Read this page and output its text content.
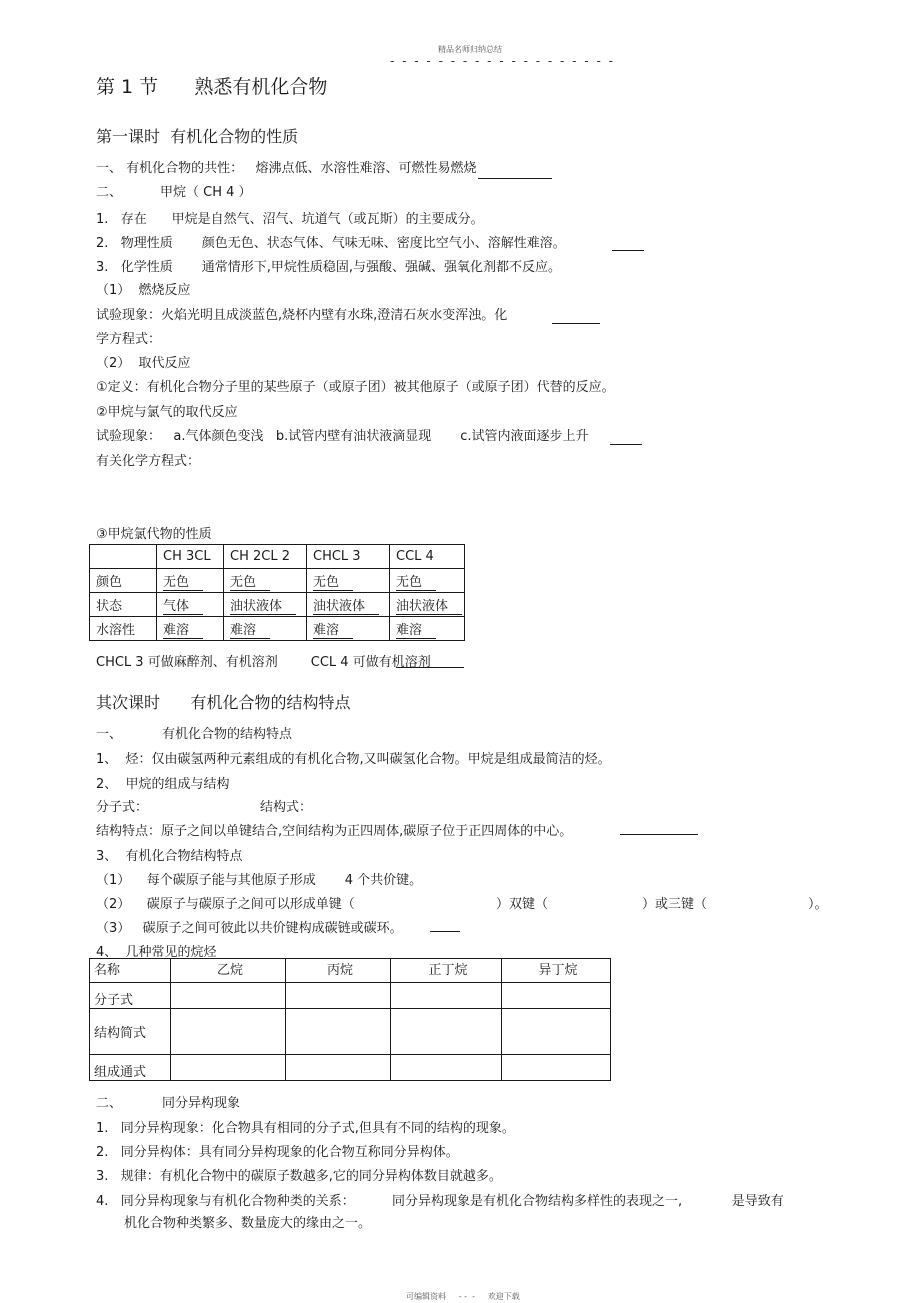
精品名师归纳总结
- - - - - - - - - - - - - - - - - - -
第 1 节      熟悉有机化合物
第一课时  有机化合物的性质
一、 有机化合物的共性：   熔沸点低、水溶性难溶、可燃性易燃烧
二、	甲烷（ CH 4 ）
1.   存在      甲烷是自然气、沼气、坑道气（或瓦斯）的主要成分。
2.   物理性质       颜色无色、状态气体、气味无味、密度比空气小、溶解性难溶。
3.   化学性质       通常情形下,甲烷性质稳固,与强酸、强碱、强氧化剂都不反应。
（1）  燃烧反应
试验现象：火焰光明且成淡蓝色,烧杯内壁有水珠,澄清石灰水变浑浊。化
学方程式：
（2）  取代反应
①定义：有机化合物分子里的某些原子（或原子团）被其他原子（或原子团）代替的反应。
②甲烷与氯气的取代反应
试验现象：   a.气体颜色变浅   b.试管内壁有油状液滴显现       c.试管内液面逐步上升
有关化学方程式：
③甲烷氯代物的性质
	CH 3CL	CH 2CL 2	CHCL 3	CCL 4
颜色	无色	无色	无色	无色
状态	气体	油状液体	油状液体	油状液体
水溶性	难溶	难溶	难溶	难溶
CHCL 3 可做麻醉剂、有机溶剂        CCL 4 可做有机溶剂
其次课时      有机化合物的结构特点
一、	有机化合物的结构特点
1、  烃：仅由碳氢两种元素组成的有机化合物,又叫碳氢化合物。甲烷是组成最简洁的烃。
2、  甲烷的组成与结构
分子式：	结构式：
结构特点：原子之间以单键结合,空间结构为正四周体,碳原子位于正四周体的中心。
3、  有机化合物结构特点
（1）    每个碳原子能与其他原子形成       4 个共价键。
（2）    碳原子与碳原子之间可以形成单键（	）双键（	）或三键（	）。
（3）   碳原子之间可彼此以共价键构成碳链或碳环。
4、  几种常见的烷烃
名称	乙烷	丙烷	正丁烷	异丁烷
分子式				
结构简式				
组成通式				
二、	同分异构现象
1.   同分异构现象：化合物具有相同的分子式,但具有不同的结构的现象。
2.   同分异构体：具有同分异构现象的化合物互称同分异构体。
3.   规律：有机化合物中的碳原子数越多,它的同分异构体数目就越多。
4.   同分异构现象与有机化合物种类的关系：         同分异构现象是有机化合物结构多样性的表现之一,            是导致有
机化合物种类繁多、数量庞大的缘由之一。
可编辑资料     - -  -     欢迎下载
